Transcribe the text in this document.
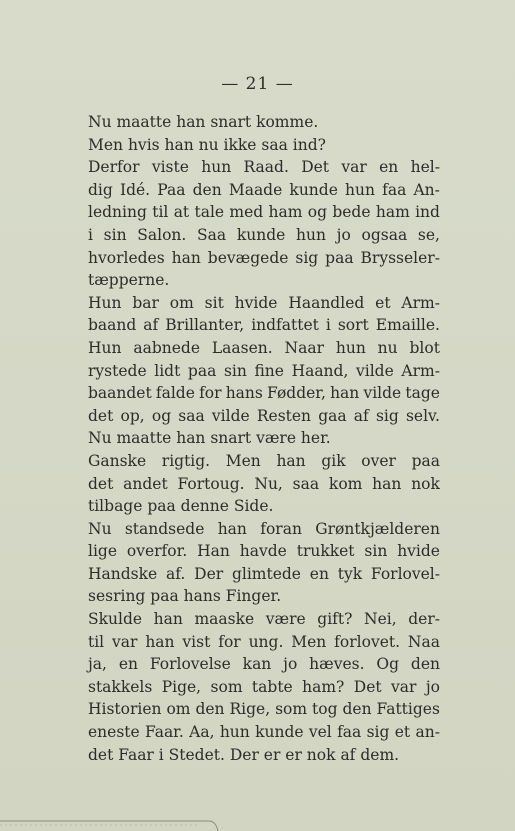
— 21 —
Nu maatte han snart komme.
Men hvis han nu ikke saa ind?
Derfor viste hun Raad. Det var en hel-
dig Idé. Paa den Maade kunde hun faa An-
ledning til at tale med ham og bede ham ind
i sin Salon. Saa kunde hun jo ogsaa se,
hvorledes han bevægede sig paa Brysseler-
tæpperne.
Hun bar om sit hvide Haandled et Arm-
baand af Brillanter, indfattet i sort Emaille.
Hun aabnede Laasen. Naar hun nu blot
rystede lidt paa sin fine Haand, vilde Arm-
baandet falde for hans Fødder, han vilde tage
det op, og saa vilde Resten gaa af sig selv.
Nu maatte han snart være her.
Ganske rigtig. Men han gik over paa
det andet Fortoug. Nu, saa kom han nok
tilbage paa denne Side.
Nu standsede han foran Grøntkjælderen
lige overfor. Han havde trukket sin hvide
Handske af. Der glimtede en tyk Forlovel-
sesring paa hans Finger.
Skulde han maaske være gift? Nei, der-
til var han vist for ung. Men forlovet. Naa
ja, en Forlovelse kan jo hæves. Og den
stakkels Pige, som tabte ham? Det var jo
Historien om den Rige, som tog den Fattiges
eneste Faar. Aa, hun kunde vel faa sig et an-
det Faar i Stedet. Der er er nok af dem.
